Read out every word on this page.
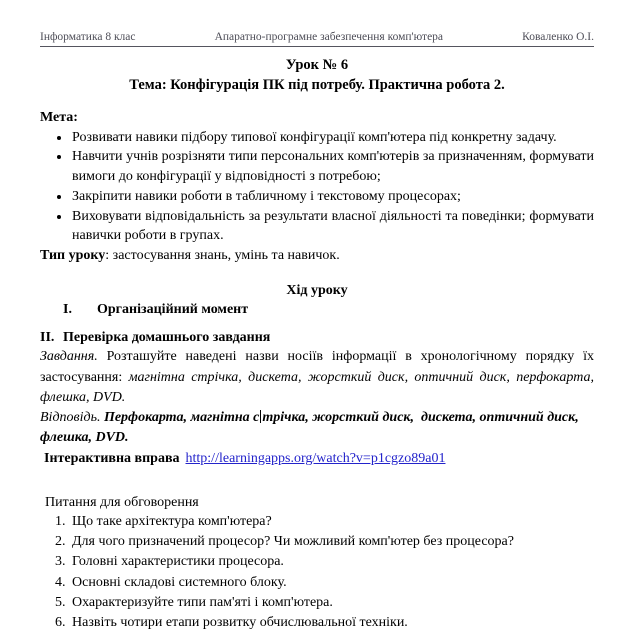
Інформатика 8 клас	Апаратно-програмне забезпечення комп'ютера	Коваленко О.І.
Урок № 6
Тема: Конфігурація ПК під потребу. Практична робота 2.

Мета:

• Розвивати навики підбору типової конфігурації комп'ютера під конкретну задачу.
• Навчити учнів розрізняти типи персональних комп'ютерів за призначенням, формувати вимоги до конфігурації у відповідності з потребою;
• Закріпити навики роботи в табличному і текстовому процесорах;
• Виховувати відповідальність за результати власної діяльності та поведінки; формувати навички роботи в групах.

Тип уроку: застосування знань, умінь та навичок.

Хід уроку

I. Організаційний момент

II. Перевірка домашнього завдання

Завдання. Розташуйте наведені назви носіїв інформації в хронологічному порядку їх застосування: магнітна стрічка, дискета, жорсткий диск, оптичний диск, перфокарта, флешка, DVD.

Відповідь. Перфокарта, магнітна с трічка, жорсткий диск,  дискета, оптичний диск, флешка, DVD.

Інтерактивна вправа http://learningapps.org/watch?v=p1cgzo89a01

Питання для обговорення

1. Що таке архітектура комп'ютера?
2. Для чого призначений процесор? Чи можливий комп'ютер без процесора?
3. Головні характеристики процесора.
4. Основні складові системного блоку.
5. Охарактеризуйте типи пам'яті і комп'ютера.
6. Назвіть чотири етапи розвитку обчислювальної техніки.
